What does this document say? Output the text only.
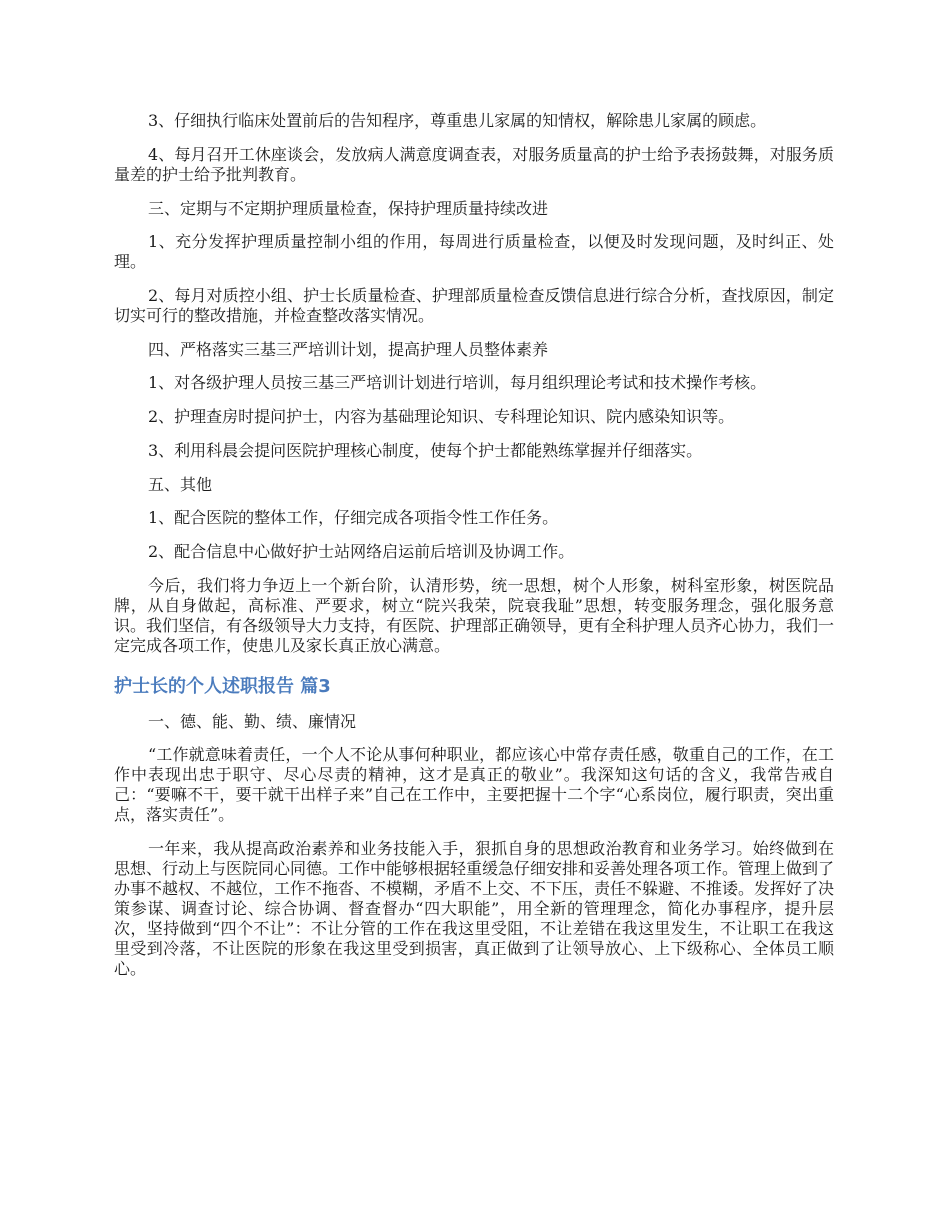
3、仔细执行临床处置前后的告知程序，尊重患儿家属的知情权，解除患儿家属的顾虑。

4、每月召开工休座谈会，发放病人满意度调查表，对服务质量高的护士给予表扬鼓舞，对服务质量差的护士给予批判教育。

三、定期与不定期护理质量检查，保持护理质量持续改进

1、充分发挥护理质量控制小组的作用，每周进行质量检查，以便及时发现问题，及时纠正、处理。

2、每月对质控小组、护士长质量检查、护理部质量检查反馈信息进行综合分析，查找原因，制定切实可行的整改措施，并检查整改落实情况。

四、严格落实三基三严培训计划，提高护理人员整体素养

1、对各级护理人员按三基三严培训计划进行培训，每月组织理论考试和技术操作考核。

2、护理查房时提问护士，内容为基础理论知识、专科理论知识、院内感染知识等。

3、利用科晨会提问医院护理核心制度，使每个护士都能熟练掌握并仔细落实。

五、其他

1、配合医院的整体工作，仔细完成各项指令性工作任务。

2、配合信息中心做好护士站网络启运前后培训及协调工作。

今后，我们将力争迈上一个新台阶，认清形势，统一思想，树个人形象，树科室形象，树医院品牌，从自身做起，高标准、严要求，树立“院兴我荣，院衰我耻”思想，转变服务理念，强化服务意识。我们坚信，有各级领导大力支持，有医院、护理部正确领导，更有全科护理人员齐心协力，我们一定完成各项工作，使患儿及家长真正放心满意。

护士长的个人述职报告 篇3

一、德、能、勤、绩、廉情况

“工作就意味着责任，一个人不论从事何种职业，都应该心中常存责任感，敬重自己的工作，在工作中表现出忠于职守、尽心尽责的精神，这才是真正的敬业”。我深知这句话的含义，我常告戒自己：“要嘛不干，要干就干出样子来”自己在工作中，主要把握十二个字“心系岗位，履行职责，突出重点，落实责任”。

一年来，我从提高政治素养和业务技能入手，狠抓自身的思想政治教育和业务学习。始终做到在思想、行动上与医院同心同德。工作中能够根据轻重缓急仔细安排和妥善处理各项工作。管理上做到了办事不越权、不越位，工作不拖沓、不模糊，矛盾不上交、不下压，责任不躲避、不推诿。发挥好了决策参谋、调查讨论、综合协调、督查督办“四大职能”，用全新的管理理念，简化办事程序，提升层次，坚持做到“四个不让”：不让分管的工作在我这里受阻，不让差错在我这里发生，不让职工在我这里受到冷落，不让医院的形象在我这里受到损害，真正做到了让领导放心、上下级称心、全体员工顺心。
